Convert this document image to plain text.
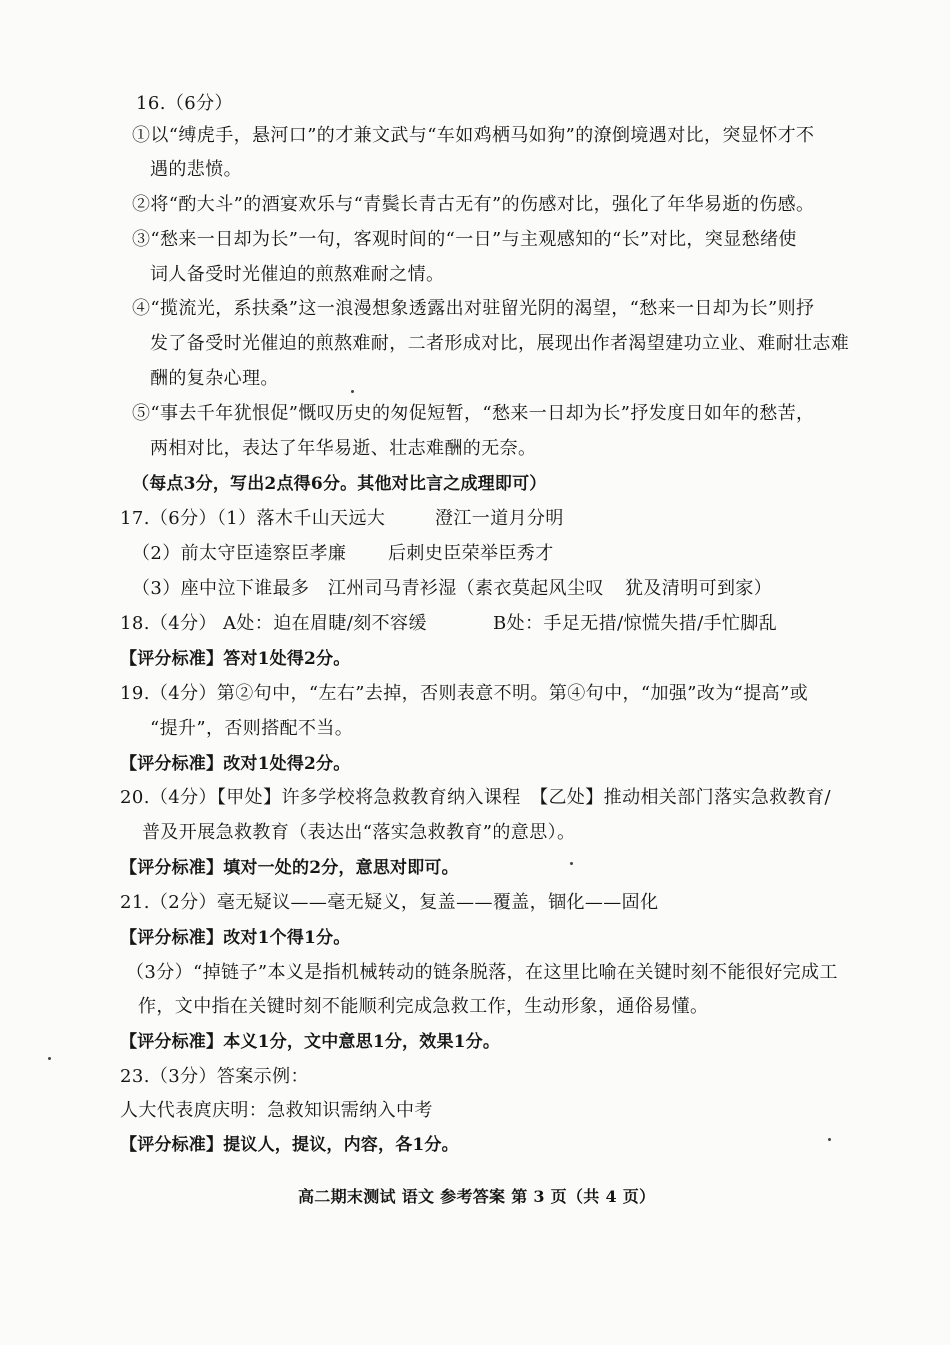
16.（6分）
①以“缚虎手，悬河口”的才兼文武与“车如鸡栖马如狗”的潦倒境遇对比，突显怀才不
遇的悲愤。
②将“酌大斗”的酒宴欢乐与“青鬓长青古无有”的伤感对比，强化了年华易逝的伤感。
③“愁来一日却为长”一句，客观时间的“一日”与主观感知的“长”对比，突显愁绪使
词人备受时光催迫的煎熬难耐之情。
④“揽流光，系扶桑”这一浪漫想象透露出对驻留光阴的渴望，“愁来一日却为长”则抒
发了备受时光催迫的煎熬难耐，二者形成对比，展现出作者渴望建功立业、难耐壮志难
酬的复杂心理。
⑤“事去千年犹恨促”慨叹历史的匆促短暂，“愁来一日却为长”抒发度日如年的愁苦，
两相对比，表达了年华易逝、壮志难酬的无奈。
（每点3分，写出2点得6分。其他对比言之成理即可）
17.（6分）（1）落木千山天远大	澄江一道月分明
（2）前太守臣逵察臣孝廉 后刺史臣荣举臣秀才
（3）座中泣下谁最多　江州司马青衫湿（素衣莫起风尘叹 犹及清明可到家）
18.（4分） A处：迫在眉睫/刻不容缓	B处：手足无措/惊慌失措/手忙脚乱
【评分标准】答对1处得2分。
19.（4分）第②句中，“左右”去掉，否则表意不明。第④句中，“加强”改为“提高”或
“提升”，否则搭配不当。
【评分标准】改对1处得2分。
20.（4分）【甲处】许多学校将急救教育纳入课程　【乙处】推动相关部门落实急救教育/
普及开展急救教育（表达出“落实急救教育”的意思）。
【评分标准】填对一处的2分，意思对即可。
21.（2分）毫无疑议——毫无疑义，复盖——覆盖，锢化——固化
【评分标准】改对1个得1分。
（3分）“掉链子”本义是指机械转动的链条脱落，在这里比喻在关键时刻不能很好完成工
作，文中指在关键时刻不能顺利完成急救工作，生动形象，通俗易懂。
【评分标准】本义1分，文中意思1分，效果1分。
23.（3分）答案示例：
人大代表庹庆明：急救知识需纳入中考
【评分标准】提议人，提议，内容，各1分。
高二期末测试 语文 参考答案 第 3 页（共 4 页）
